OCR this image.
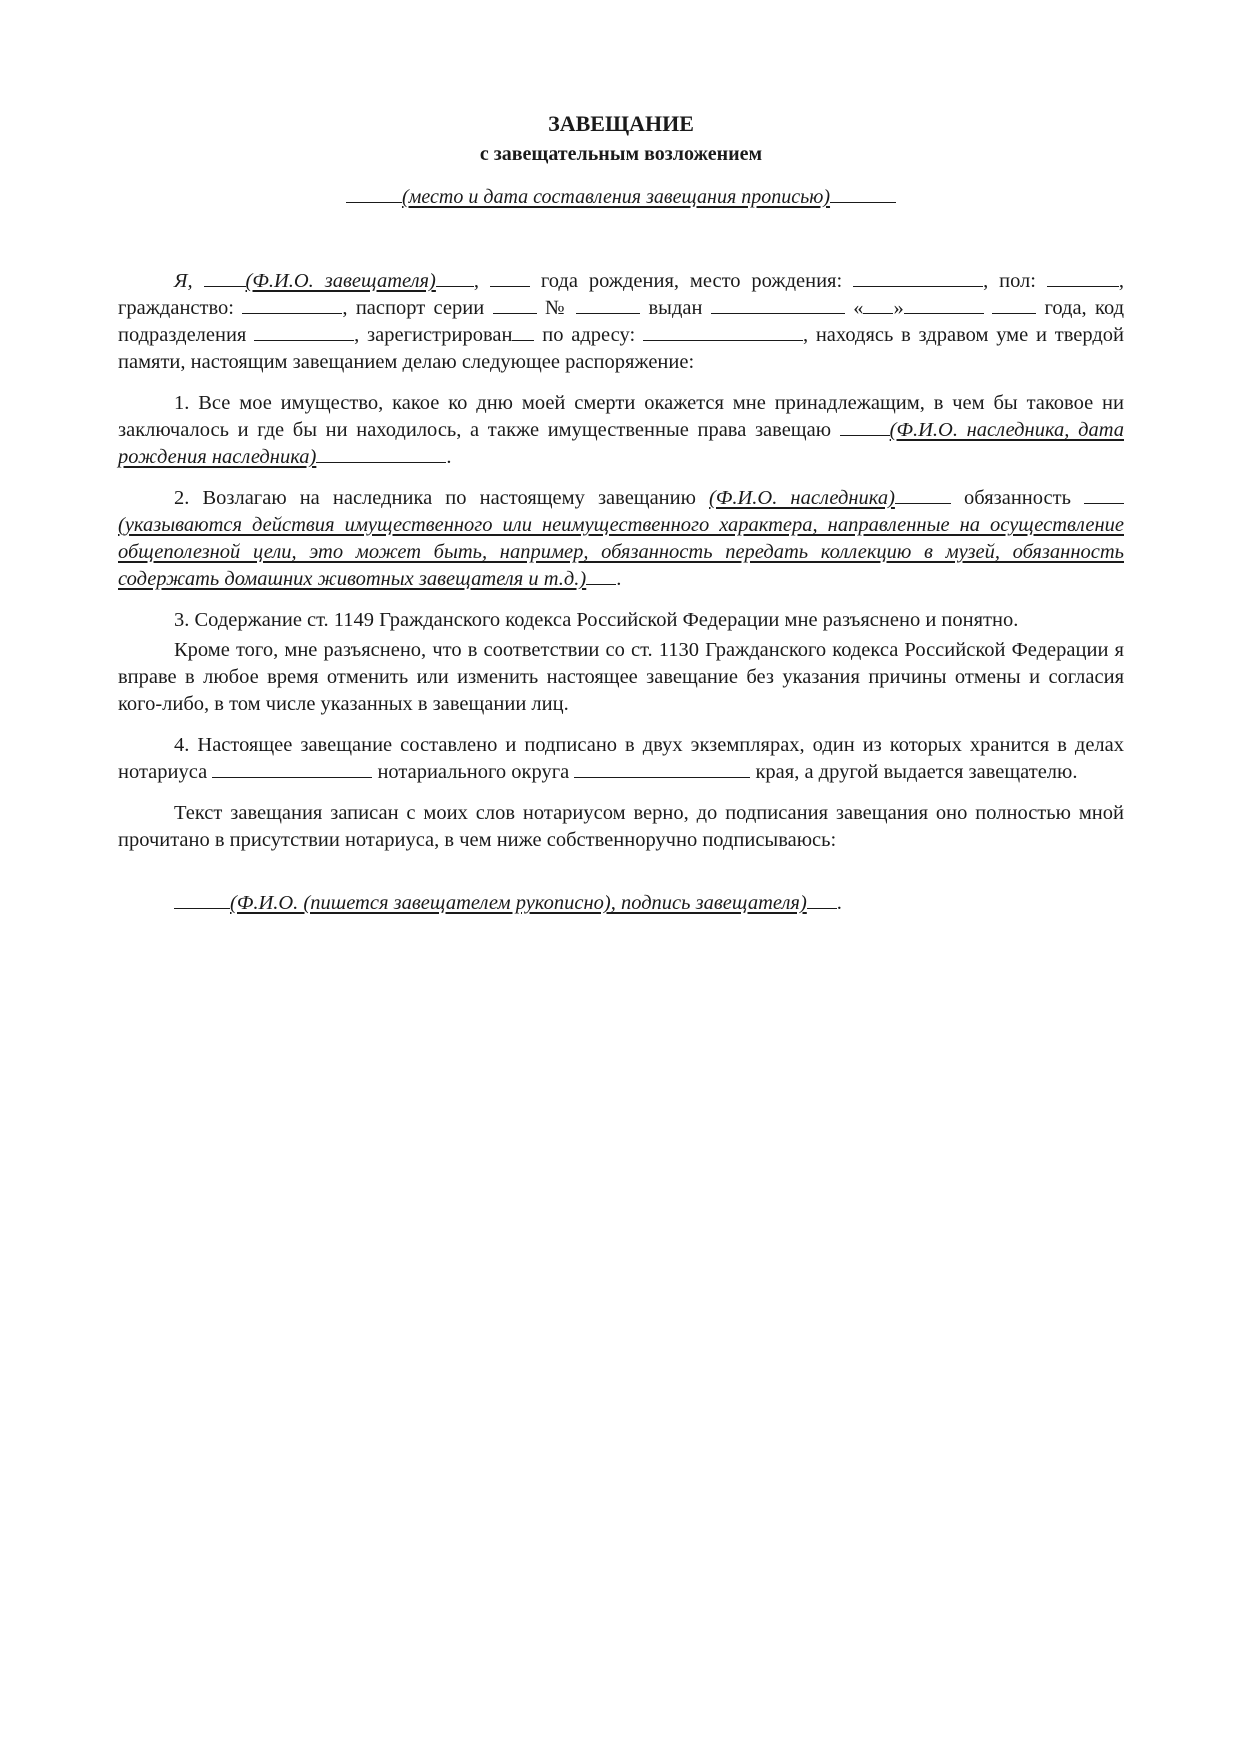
ЗАВЕЩАНИЕ
с завещательным возложением
(место и дата составления завещания прописью)

Я,	(Ф.И.О. завещателя) ,	года рождения, место рождения:	, пол:	, гражданство:	, паспорт серии	№	выдан	« »	года, код подразделения	, зарегистрирован по адресу:	, находясь в здравом уме и твердой памяти, настоящим завещанием делаю следующее распоряжение:

1. Все мое имущество, какое ко дню моей смерти окажется мне принадлежащим, в чем бы таковое ни заключалось и где бы ни находилось, а также имущественные права завещаю	(Ф.И.О. наследника, дата рождения наследника)	.

2. Возлагаю на наследника по настоящему завещанию (Ф.И.О. наследника)	обязанность  (указываются действия имущественного или неимущественного характера, направленные на осуществление общеполезной цели, это может быть, например, обязанность передать коллекцию в музей, обязанность содержать домашних животных завещателя и т.д.) .

3. Содержание ст. 1149 Гражданского кодекса Российской Федерации мне разъяснено и понятно.

Кроме того, мне разъяснено, что в соответствии со ст. 1130 Гражданского кодекса Российской Федерации я вправе в любое время отменить или изменить настоящее завещание без указания причины отмены и согласия кого-либо, в том числе указанных в завещании лиц.

4. Настоящее завещание составлено и подписано в двух экземплярах, один из которых хранится в делах нотариуса	нотариального округа	края, а другой выдается завещателю.

Текст завещания записан с моих слов нотариусом верно, до подписания завещания оно полностью мной прочитано в присутствии нотариуса, в чем ниже собственноручно подписываюсь:

(Ф.И.О. (пишется завещателем рукописно), подпись завещателя) .
